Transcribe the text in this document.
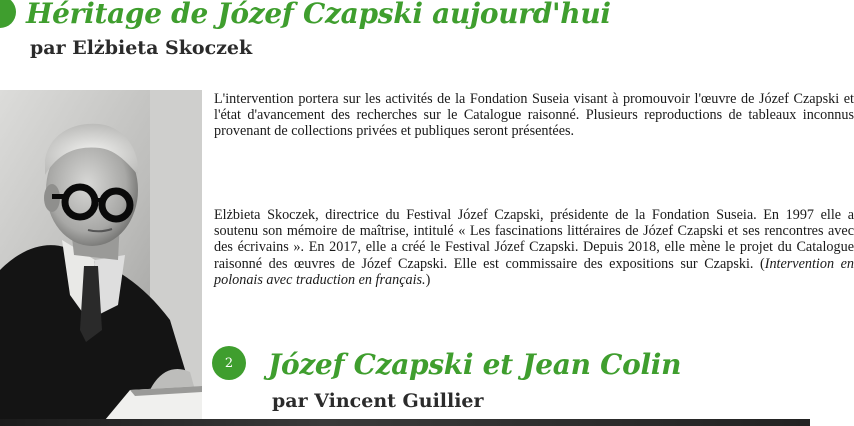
Héritage de Józef Czapski aujourd'hui

par Elżbieta Skoczek

L'intervention portera sur les activités de la Fondation Suseia visant à promouvoir l'œuvre de Józef Czapski et l'état d'avancement des recherches sur le Catalogue raisonné. Plusieurs reproductions de tableaux inconnus provenant de collections privées et publiques seront présentées.
Elżbieta Skoczek, directrice du Festival Józef Czapski, présidente de la Fondation Suseia. En 1997 elle a soutenu son mémoire de maîtrise, intitulé « Les fascinations littéraires de Józef Czapski et ses rencontres avec des écrivains ». En 2017, elle a créé le Festival Józef Czapski. Depuis 2018, elle mène le projet du Catalogue raisonné des œuvres de Józef Czapski. Elle est commissaire des expositions sur Czapski. (Intervention en polonais avec traduction en français.)
2 Józef Czapski et Jean Colin

par Vincent Guillier
